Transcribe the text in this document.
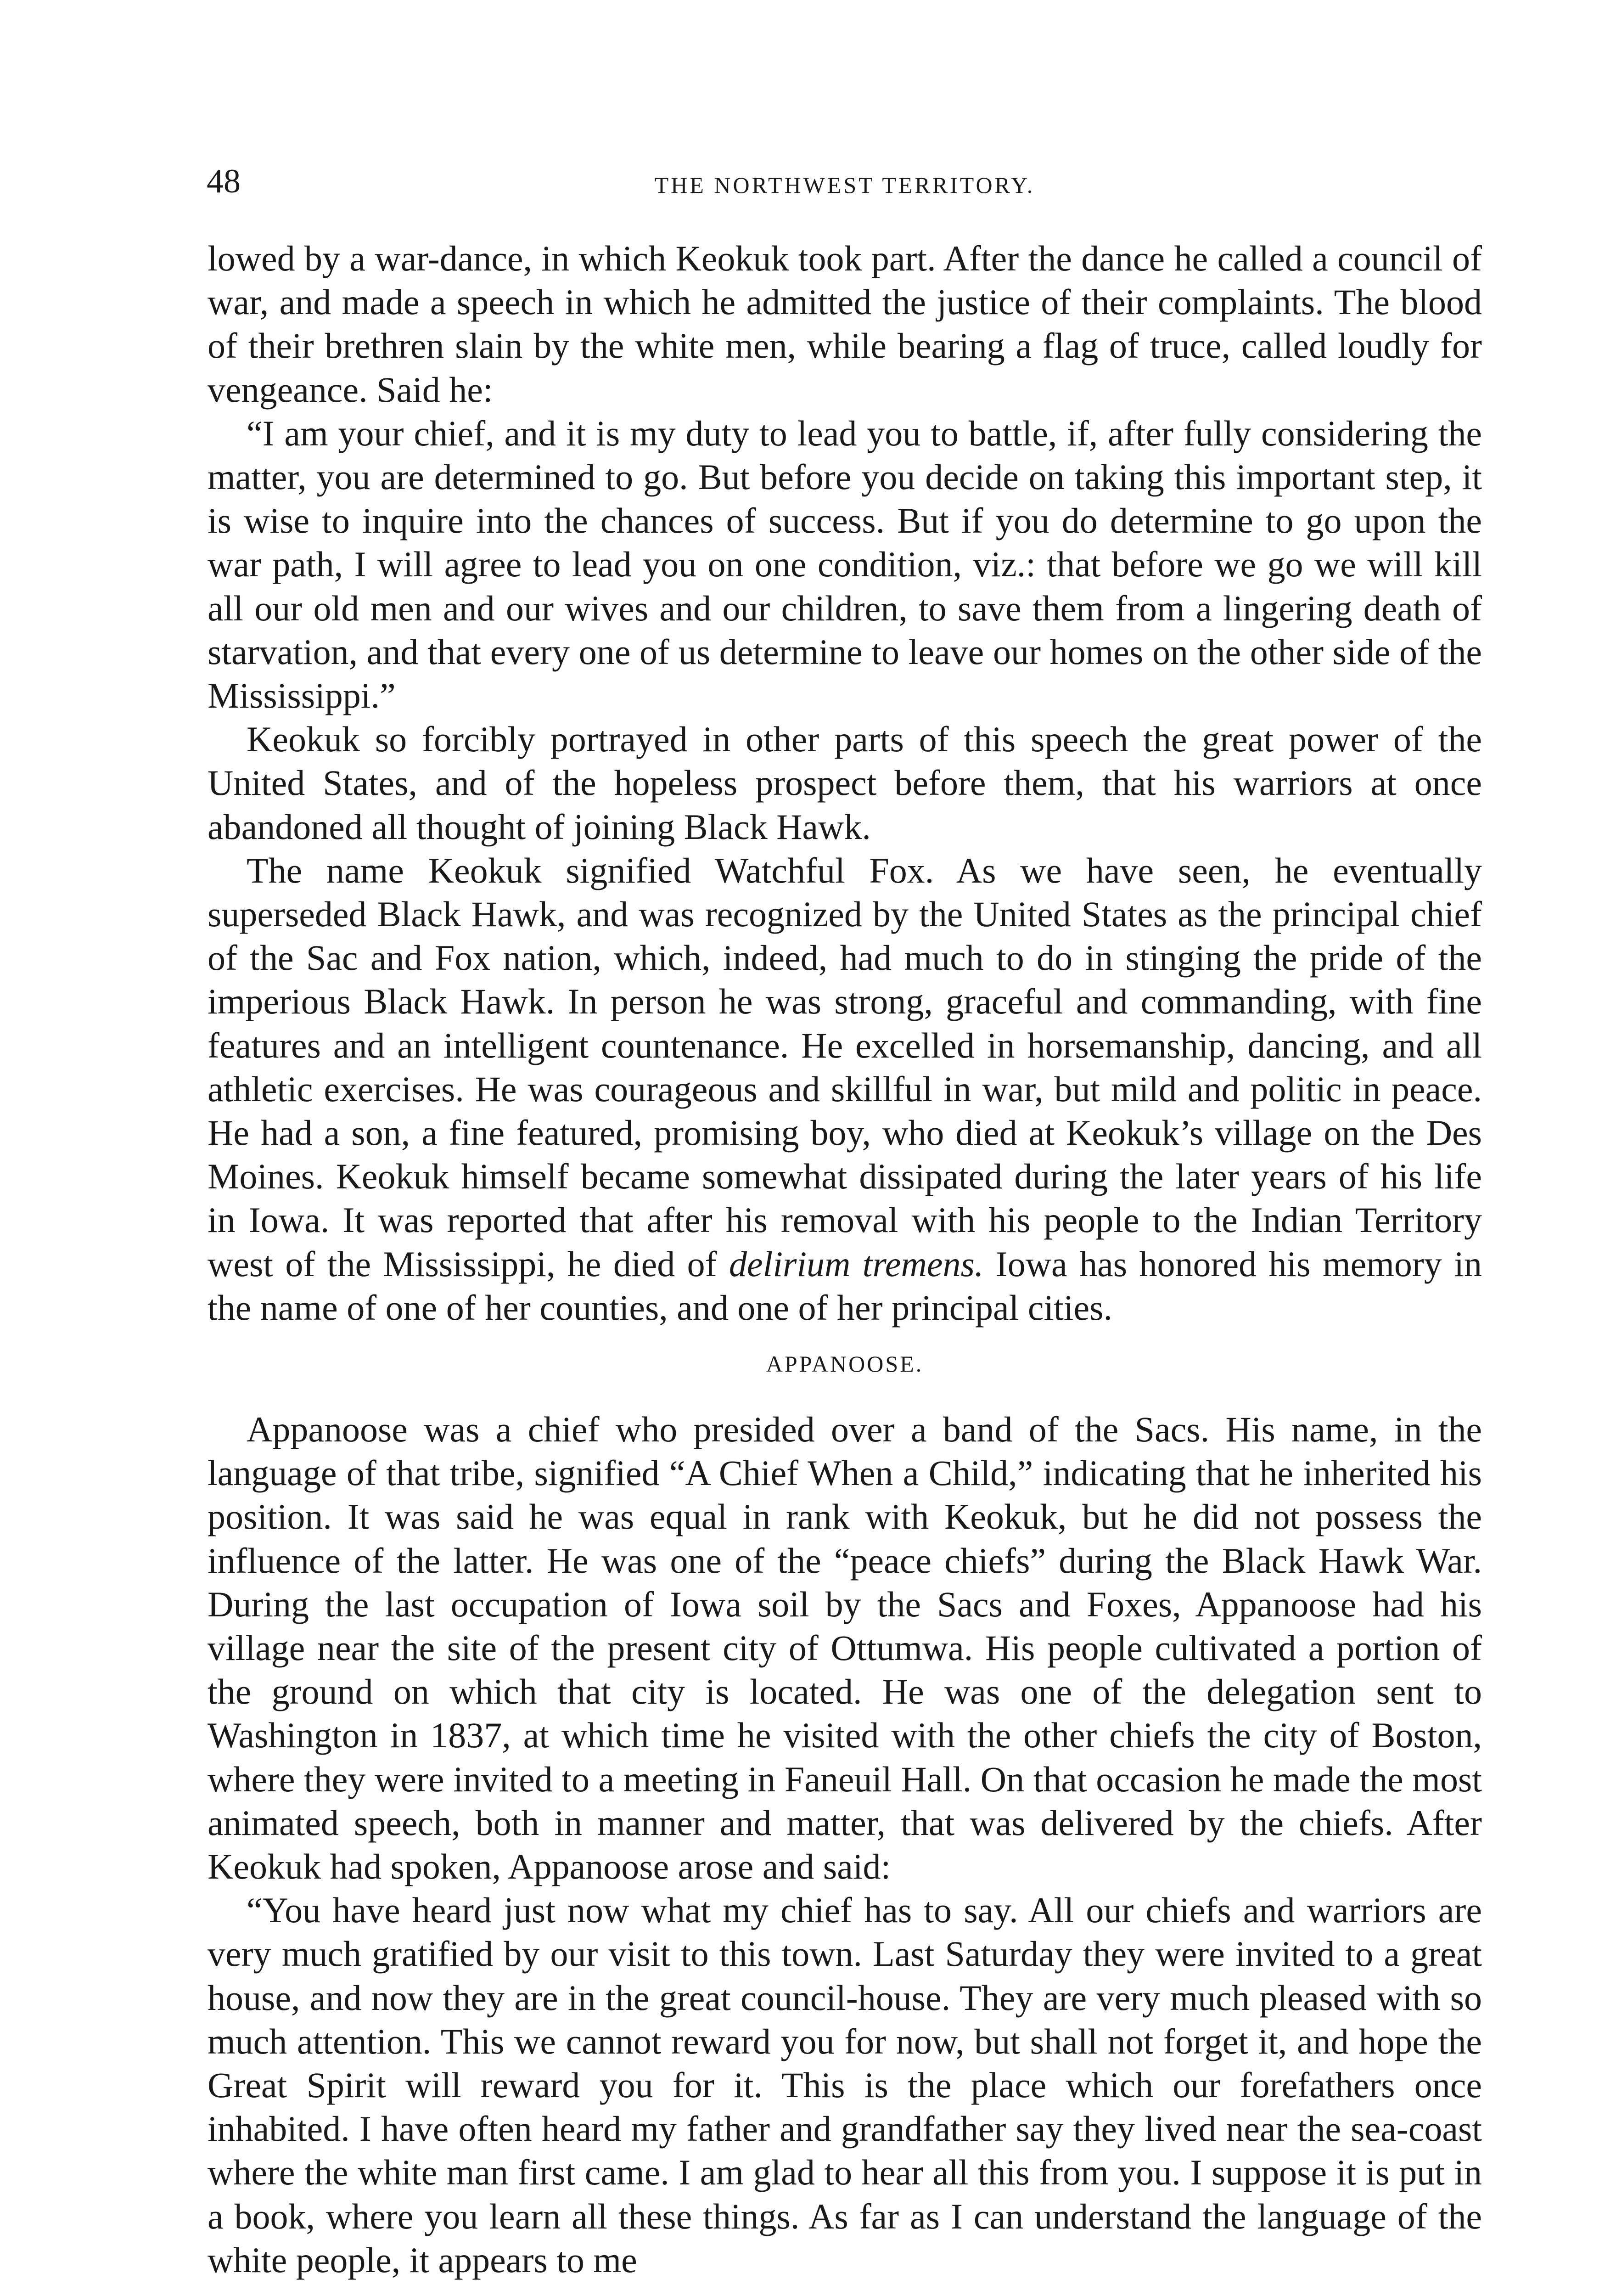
48	THE NORTHWEST TERRITORY.

lowed by a war-dance, in which Keokuk took part. After the dance he called a council of war, and made a speech in which he admitted the justice of their complaints. The blood of their brethren slain by the white men, while bearing a flag of truce, called loudly for vengeance. Said he:

“I am your chief, and it is my duty to lead you to battle, if, after fully considering the matter, you are determined to go. But before you decide on taking this important step, it is wise to inquire into the chances of success. But if you do determine to go upon the war path, I will agree to lead you on one condition, viz.: that before we go we will kill all our old men and our wives and our children, to save them from a lingering death of starvation, and that every one of us determine to leave our homes on the other side of the Mississippi.”

Keokuk so forcibly portrayed in other parts of this speech the great power of the United States, and of the hopeless prospect before them, that his warriors at once abandoned all thought of joining Black Hawk.

The name Keokuk signified Watchful Fox. As we have seen, he eventually superseded Black Hawk, and was recognized by the United States as the principal chief of the Sac and Fox nation, which, indeed, had much to do in stinging the pride of the imperious Black Hawk. In person he was strong, graceful and commanding, with fine features and an intelligent countenance. He excelled in horsemanship, dancing, and all athletic exercises. He was courageous and skillful in war, but mild and politic in peace. He had a son, a fine featured, promising boy, who died at Keokuk’s village on the Des Moines. Keokuk himself became somewhat dissipated during the later years of his life in Iowa. It was reported that after his removal with his people to the Indian Territory west of the Mississippi, he died of delirium tremens. Iowa has honored his memory in the name of one of her counties, and one of her principal cities.

APPANOOSE.

Appanoose was a chief who presided over a band of the Sacs. His name, in the language of that tribe, signified “A Chief When a Child,” indicating that he inherited his position. It was said he was equal in rank with Keokuk, but he did not possess the influence of the latter. He was one of the “peace chiefs” during the Black Hawk War. During the last occupation of Iowa soil by the Sacs and Foxes, Appanoose had his village near the site of the present city of Ottumwa. His people cultivated a portion of the ground on which that city is located. He was one of the delegation sent to Washington in 1837, at which time he visited with the other chiefs the city of Boston, where they were invited to a meeting in Faneuil Hall. On that occasion he made the most animated speech, both in manner and matter, that was delivered by the chiefs. After Keokuk had spoken, Appanoose arose and said:

“You have heard just now what my chief has to say. All our chiefs and warriors are very much gratified by our visit to this town. Last Saturday they were invited to a great house, and now they are in the great council-house. They are very much pleased with so much attention. This we cannot reward you for now, but shall not forget it, and hope the Great Spirit will reward you for it. This is the place which our forefathers once inhabited. I have often heard my father and grandfather say they lived near the sea-coast where the white man first came. I am glad to hear all this from you. I suppose it is put in a book, where you learn all these things. As far as I can understand the language of the white people, it appears to me
